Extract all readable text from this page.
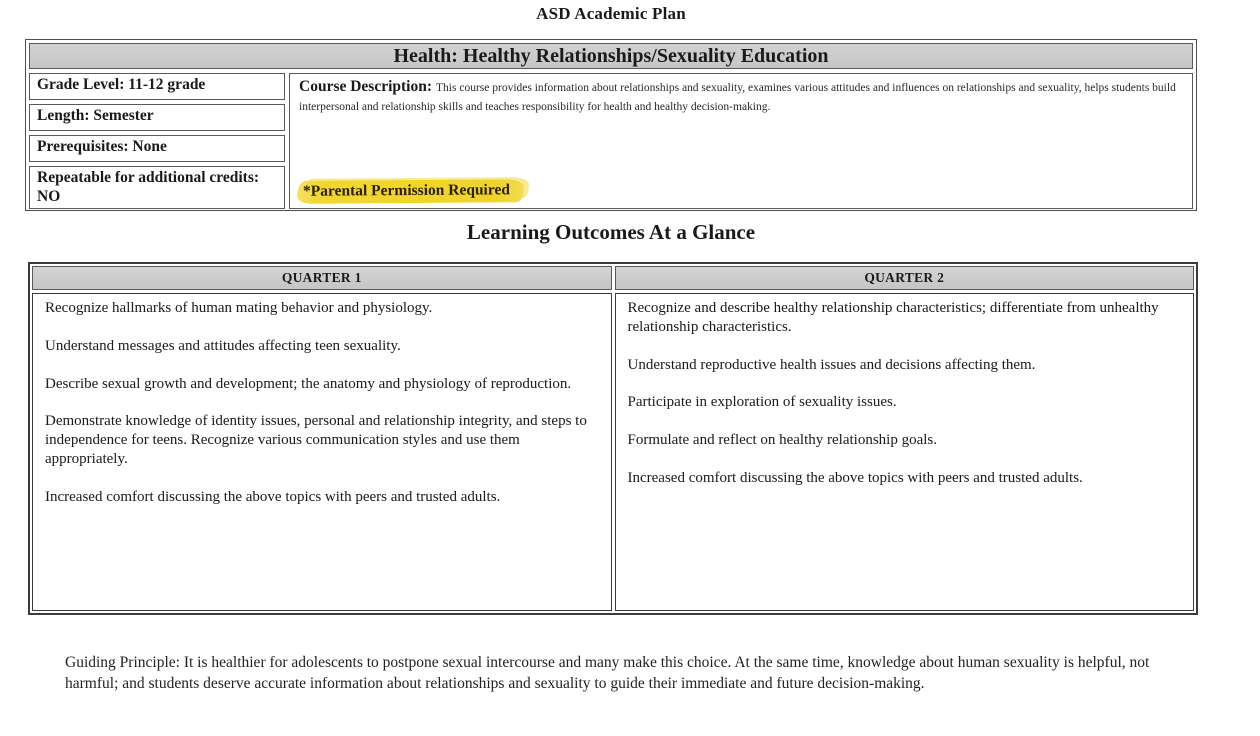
ASD Academic Plan
Health: Healthy Relationships/Sexuality Education
Grade Level: 11-12 grade
Length: Semester
Prerequisites: None
Repeatable for additional credits: NO
Course Description: This course provides information about relationships and sexuality, examines various attitudes and influences on relationships and sexuality, helps students build interpersonal and relationship skills and teaches responsibility for health and healthy decision-making.
*Parental Permission Required
Learning Outcomes At a Glance
QUARTER 1	QUARTER 2

Recognize hallmarks of human mating behavior and physiology.

Understand messages and attitudes affecting teen sexuality.

Describe sexual growth and development; the anatomy and physiology of reproduction.

Demonstrate knowledge of identity issues, personal and relationship integrity, and steps to independence for teens. Recognize various communication styles and use them appropriately.

Increased comfort discussing the above topics with peers and trusted adults.

Recognize and describe healthy relationship characteristics; differentiate from unhealthy relationship characteristics.

Understand reproductive health issues and decisions affecting them.

Participate in exploration of sexuality issues.

Formulate and reflect on healthy relationship goals.

Increased comfort discussing the above topics with peers and trusted adults.

Guiding Principle: It is healthier for adolescents to postpone sexual intercourse and many make this choice. At the same time, knowledge about human sexuality is helpful, not harmful; and students deserve accurate information about relationships and sexuality to guide their immediate and future decision-making.
